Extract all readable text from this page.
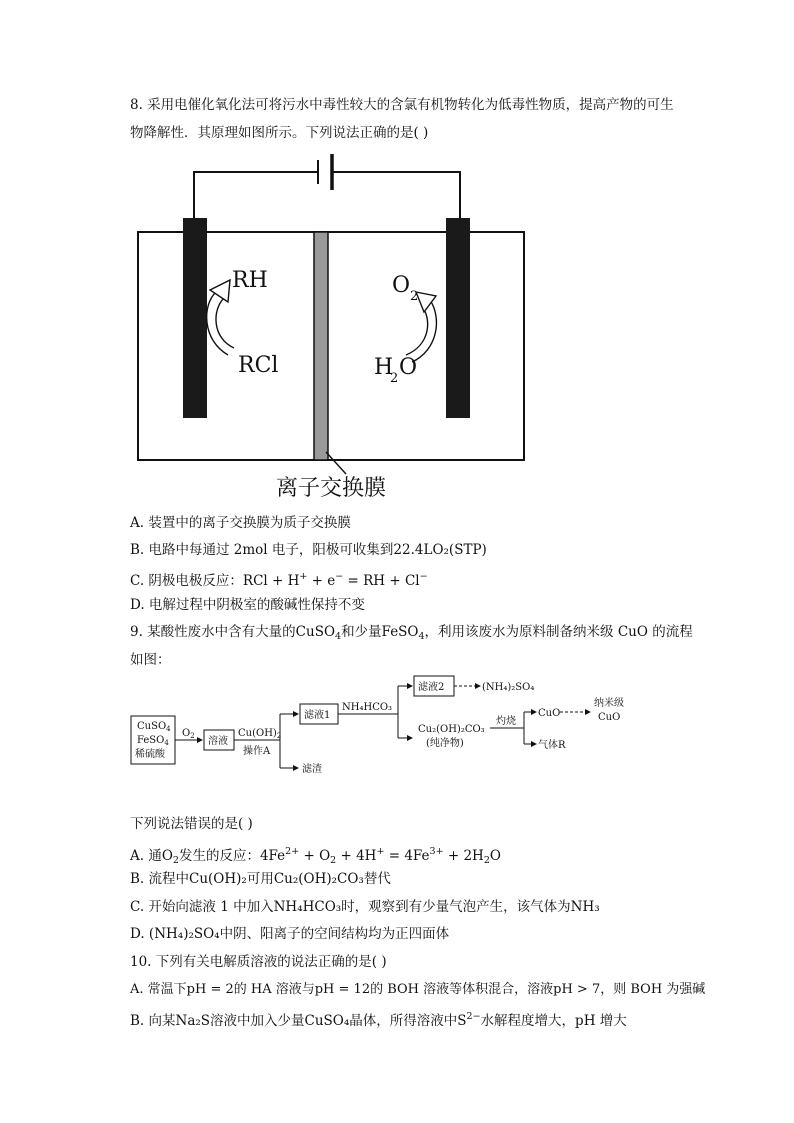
8. 采用电催化氧化法可将污水中毒性较大的含氯有机物转化为低毒性物质，提高产物的可生
物降解性．其原理如图所示。下列说法正确的是( )
RH
RCl
O 2
H
2 O
离子交换膜
A. 装置中的离子交换膜为质子交换膜
B. 电路中每通过 2mol 电子，阳极可收集到22.4LO₂(STP)
C. 阴极电极反应：RCl + H+ + e− = RH + Cl−
D. 电解过程中阴极室的酸碱性保持不变
9. 某酸性废水中含有大量的CuSO$_4$和少量FeSO$_4$，利用该废水为原料制备纳米级 CuO 的流程
如图：
CuSO$_4$
FeSO$_4$
稀硫酸
$O_2$ 溶液
$Cu(OH)_2$
操作A
滤液1
滤渣
NH₄HCO₃
滤液2	(NH₄)₂SO₄
Cu₂(OH)₂CO₃
(纯净物)
灼烧
CuO
纳米级
CuO
气体R
下列说法错误的是( )
A. 通$O_2$发生的反应：$4Fe^{2+} + O_2 + 4H^+ = 4Fe^{3+} + 2H_2O$
B. 流程中Cu(OH)₂可用Cu₂(OH)₂CO₃替代
C. 开始向滤液 1 中加入NH₄HCO₃时，观察到有少量气泡产生，该气体为NH₃
D. (NH₄)₂SO₄中阴、阳离子的空间结构均为正四面体
10. 下列有关电解质溶液的说法正确的是( )
A. 常温下pH = 2的 HA 溶液与pH = 12的 BOH 溶液等体积混合，溶液pH > 7，则 BOH 为强碱
B. 向某Na₂S溶液中加入少量CuSO₄晶体，所得溶液中$S^{2-}$水解程度增大，pH 增大
